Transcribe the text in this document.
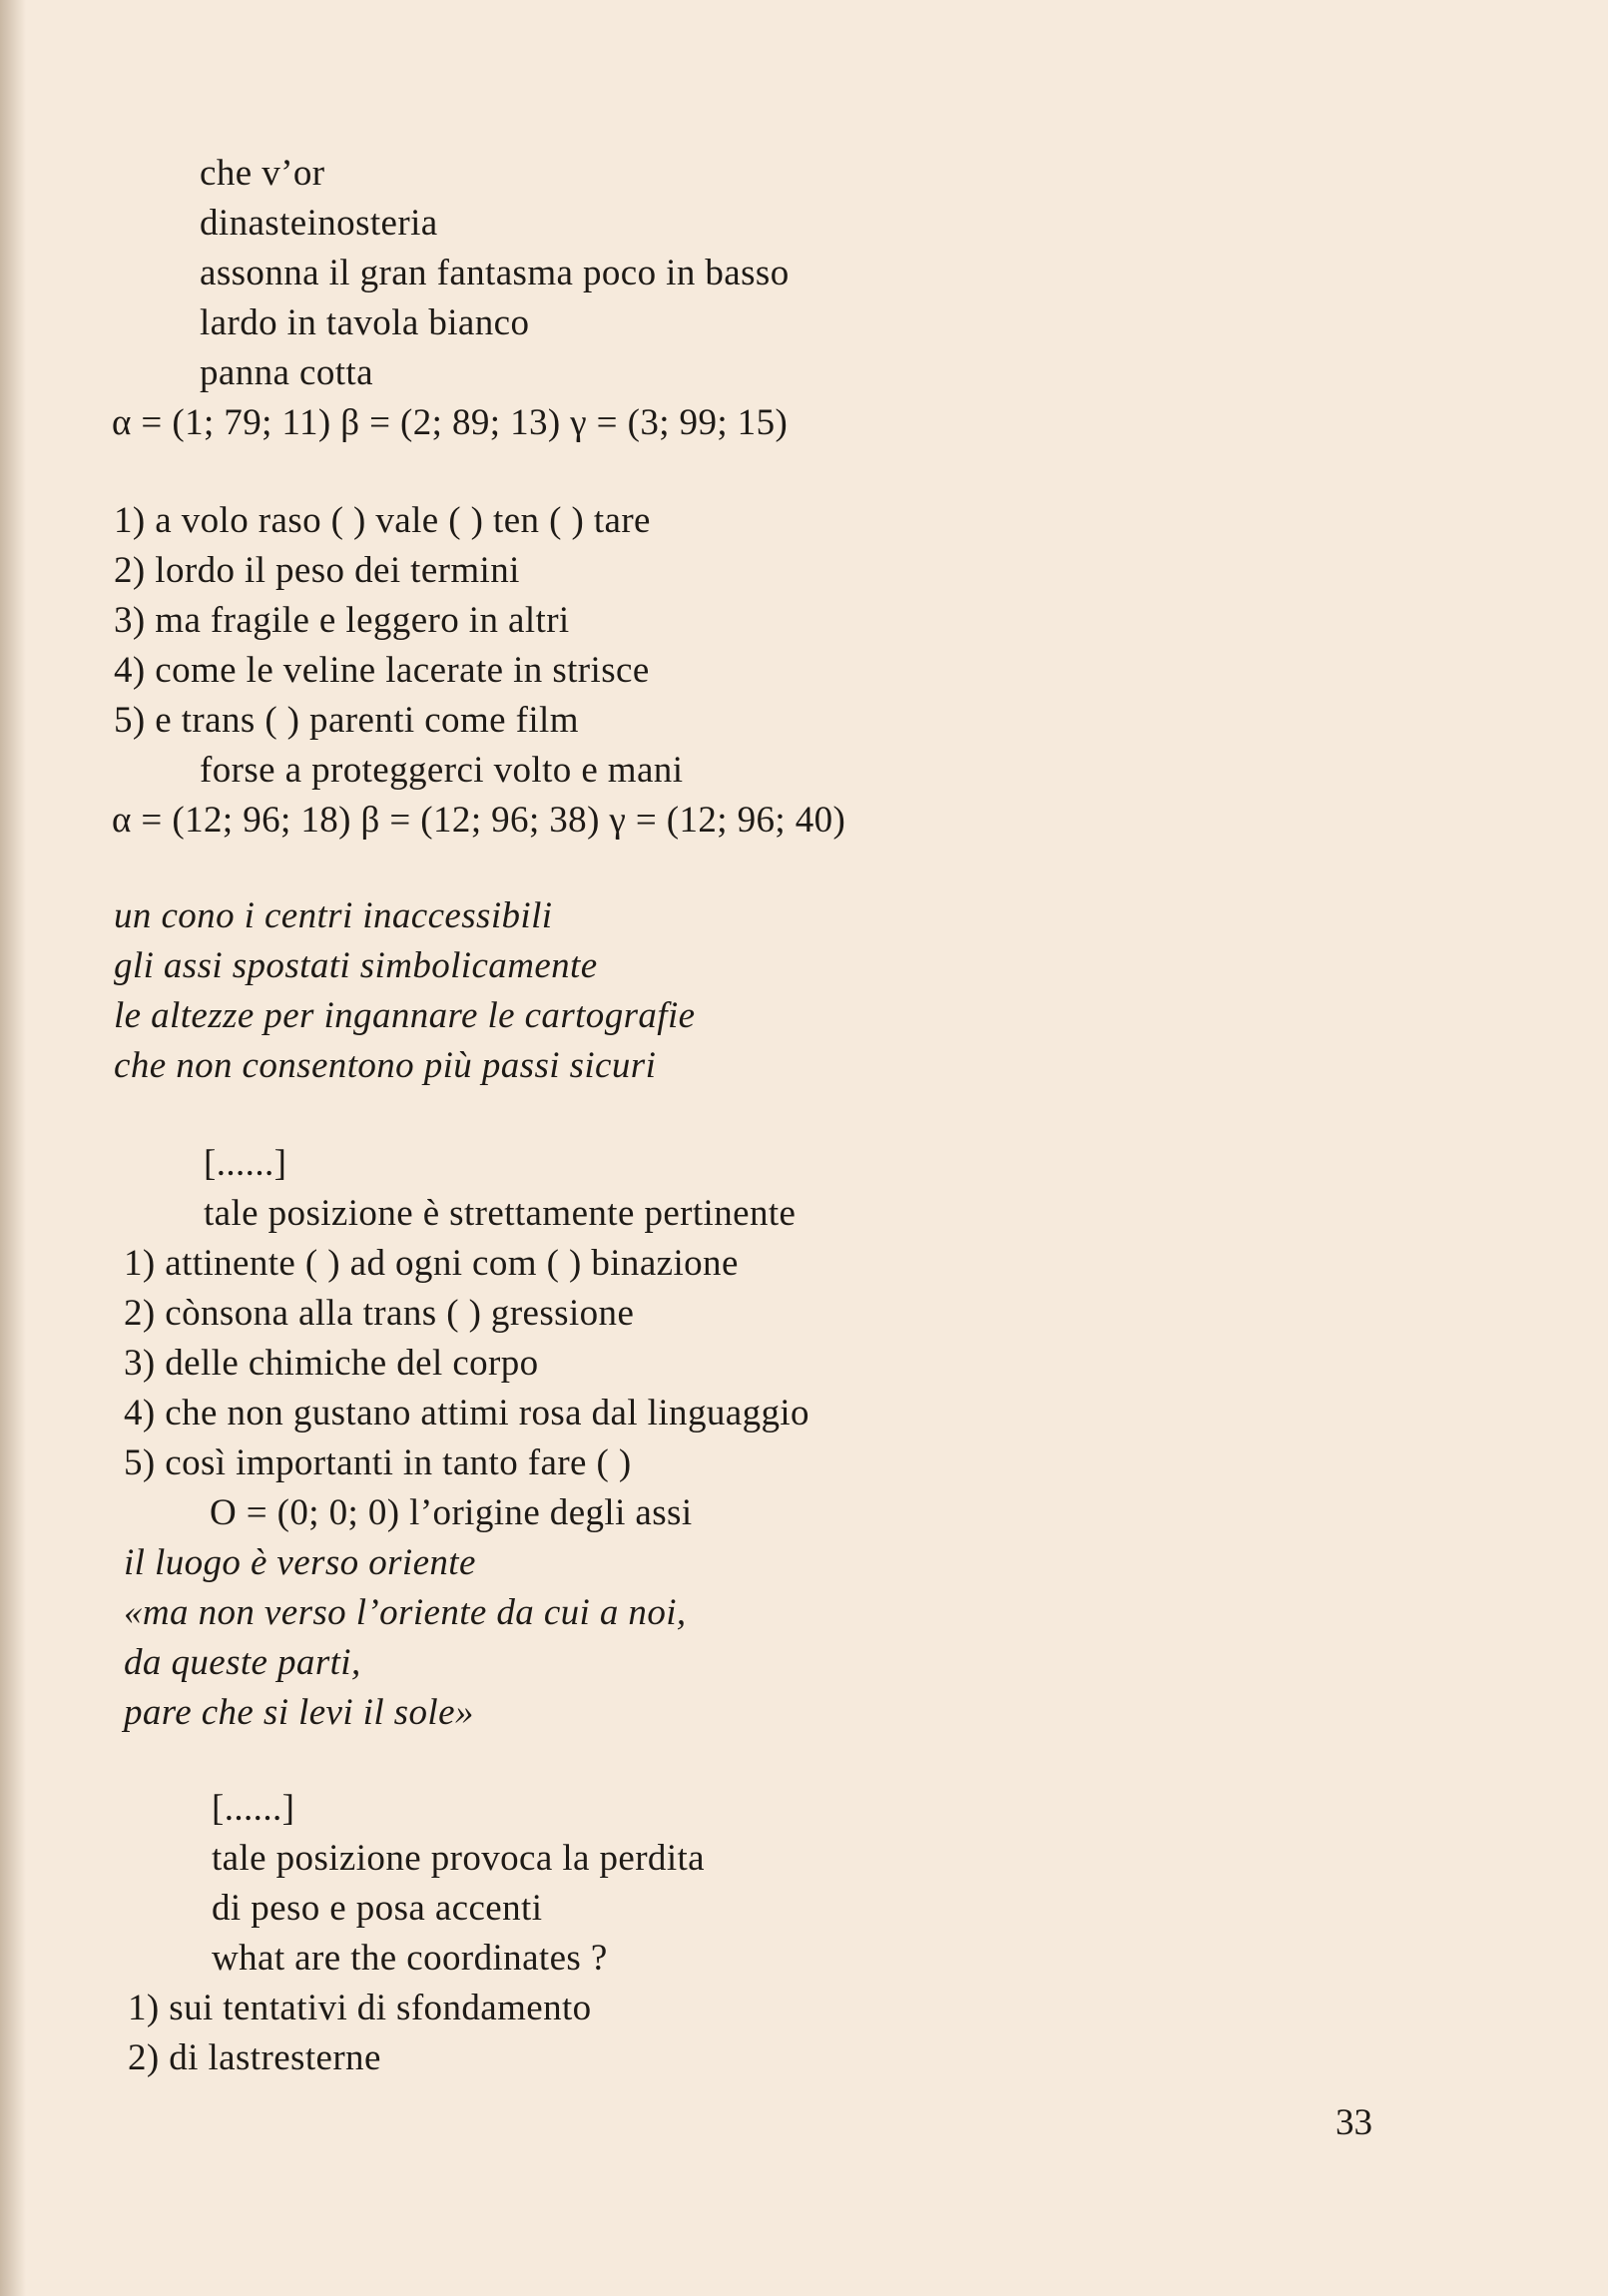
che v’or
dinasteinosteria
assonna il gran fantasma poco in basso
lardo in tavola bianco
panna cotta
α = (1; 79; 11) β = (2; 89; 13) γ = (3; 99; 15)
1) a volo raso ( ) vale ( ) ten ( ) tare
2) lordo il peso dei termini
3) ma fragile e leggero in altri
4) come le veline lacerate in strisce
5) e trans ( ) parenti come film
forse a proteggerci volto e mani
α = (12; 96; 18) β = (12; 96; 38) γ = (12; 96; 40)
un cono i centri inaccessibili
gli assi spostati simbolicamente
le altezze per ingannare le cartografie
che non consentono più passi sicuri
[......]
tale posizione è strettamente pertinente
1) attinente ( ) ad ogni com ( ) binazione
2) cònsona alla trans ( ) gressione
3) delle chimiche del corpo
4) che non gustano attimi rosa dal linguaggio
5) così importanti in tanto fare ( )
O = (0; 0; 0) l’origine degli assi
il luogo è verso oriente
«ma non verso l’oriente da cui a noi,
da queste parti,
pare che si levi il sole»
[......]
tale posizione provoca la perdita
di peso e posa accenti
what are the coordinates ?
1) sui tentativi di sfondamento
2) di lastresterne
33
